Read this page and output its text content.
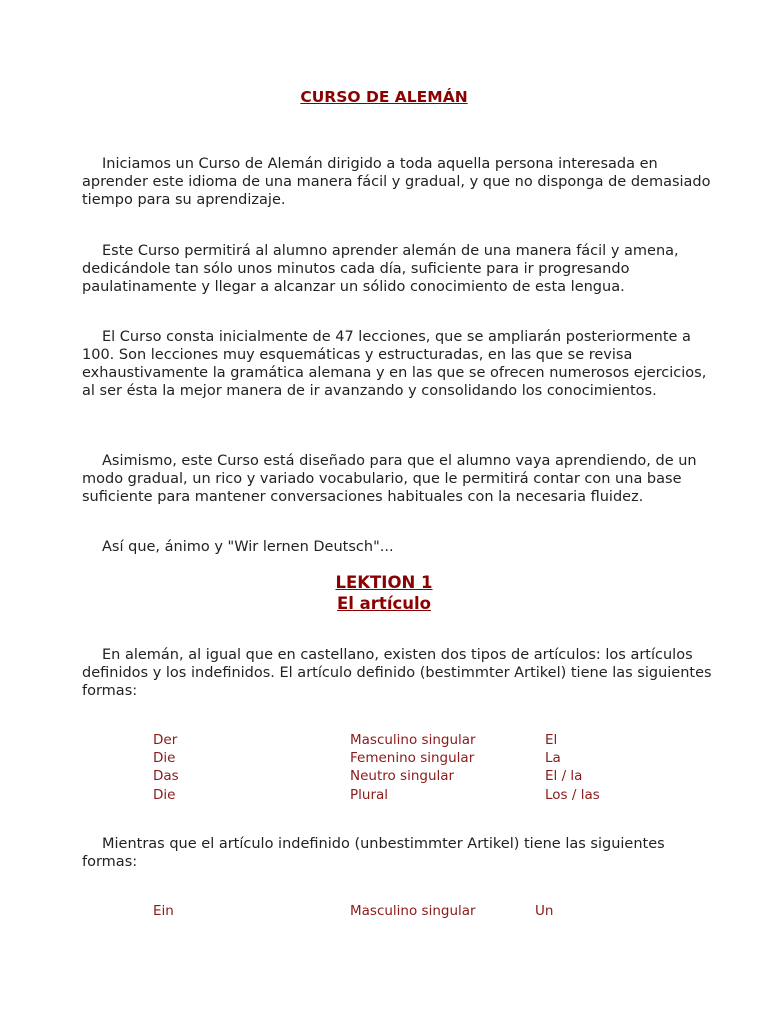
CURSO DE ALEMÁN

Iniciamos un Curso de Alemán dirigido a toda aquella persona interesada en aprender este idioma de una manera fácil y gradual, y que no disponga de demasiado tiempo para su aprendizaje.

Este Curso permitirá al alumno aprender alemán de una manera fácil y amena, dedicándole tan sólo unos minutos cada día, suficiente para ir progresando paulatinamente y llegar a alcanzar un sólido conocimiento de esta lengua.

El Curso consta inicialmente de 47 lecciones, que se ampliarán posteriormente a 100. Son lecciones muy esquemáticas y estructuradas, en las que se revisa exhaustivamente la gramática alemana y en las que se ofrecen numerosos ejercicios, al ser ésta la mejor manera de ir avanzando y consolidando los conocimientos.

Asimismo, este Curso está diseñado para que el alumno vaya aprendiendo, de un modo gradual, un rico y variado vocabulario, que le permitirá contar con una base suficiente para mantener conversaciones habituales con la necesaria fluidez.

Así que, ánimo y "Wir lernen Deutsch"...

LEKTION 1
El artículo

En alemán, al igual que en castellano, existen dos tipos de artículos: los artículos definidos y los indefinidos. El artículo definido (bestimmter Artikel) tiene las siguientes formas:

Der	Masculino singular	El
Die	Femenino singular	La
Das	Neutro singular	El / la
Die	Plural	Los / las

Mientras que el artículo indefinido (unbestimmter Artikel) tiene las siguientes formas:

Ein	Masculino singular	Un
